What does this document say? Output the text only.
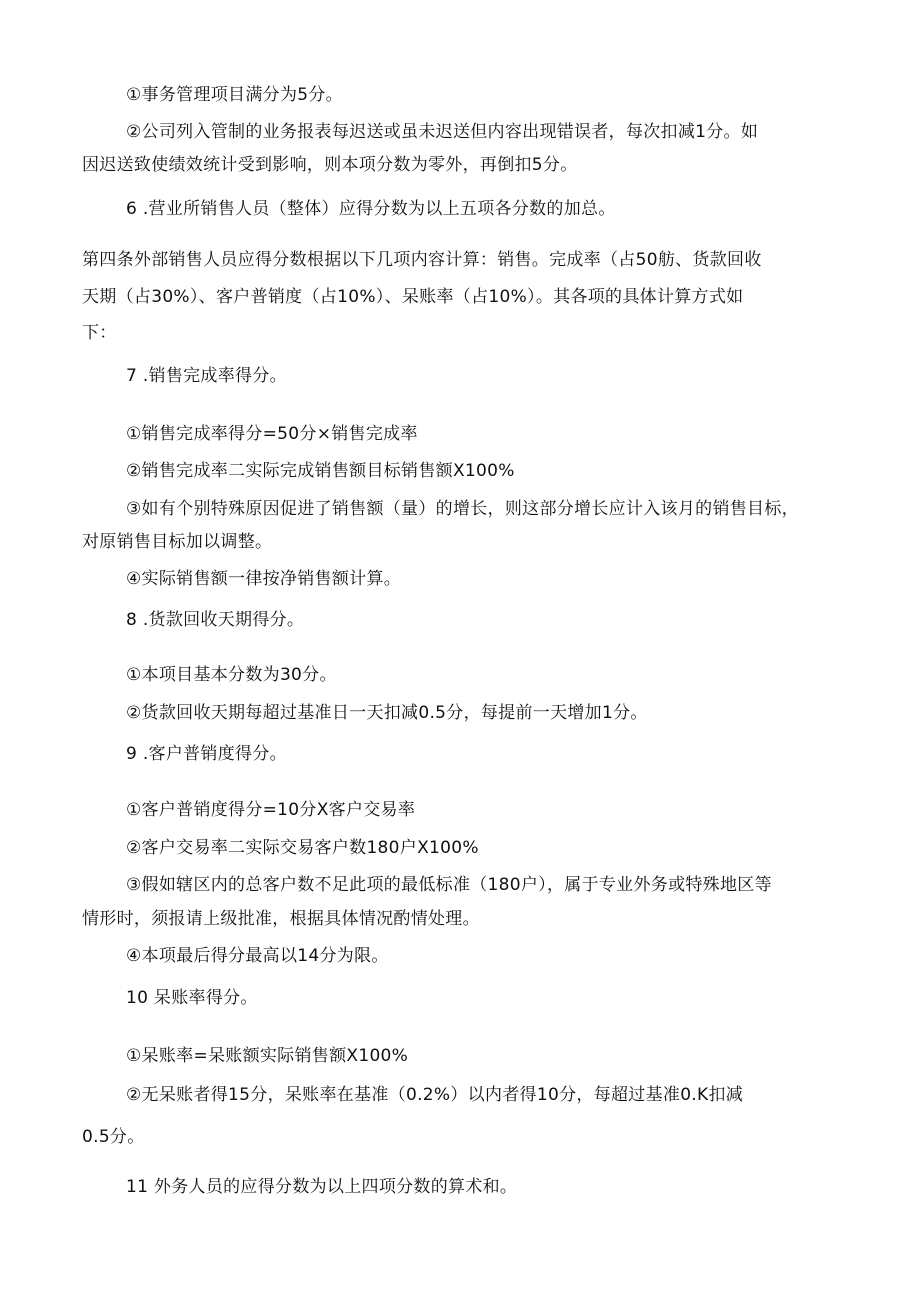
①事务管理项目满分为5分。
②公司列入管制的业务报表每迟送或虽未迟送但内容出现错误者，每次扣减1分。如
因迟送致使绩效统计受到影响，则本项分数为零外，再倒扣5分。
6 .营业所销售人员（整体）应得分数为以上五项各分数的加总。
第四条外部销售人员应得分数根据以下几项内容计算：销售。完成率（占50舫、货款回收
天期（占30%）、客户普销度（占10%）、呆账率（占10%）。其各项的具体计算方式如
下：
7 .销售完成率得分。
①销售完成率得分=50分×销售完成率
②销售完成率二实际完成销售额目标销售额X100%
③如有个别特殊原因促进了销售额（量）的增长，则这部分增长应计入该月的销售目标，
对原销售目标加以调整。
④实际销售额一律按净销售额计算。
8 .货款回收天期得分。
①本项目基本分数为30分。
②货款回收天期每超过基准日一天扣减0.5分，每提前一天增加1分。
9 .客户普销度得分。
①客户普销度得分=10分X客户交易率
②客户交易率二实际交易客户数180户X100%
③假如辖区内的总客户数不足此项的最低标准（180户），属于专业外务或特殊地区等
情形时，须报请上级批准，根据具体情况酌情处理。
④本项最后得分最高以14分为限。
10 呆账率得分。
①呆账率=呆账额实际销售额X100%
②无呆账者得15分，呆账率在基准（0.2%）以内者得10分，每超过基准0.K扣减
0.5分。
11 外务人员的应得分数为以上四项分数的算术和。
